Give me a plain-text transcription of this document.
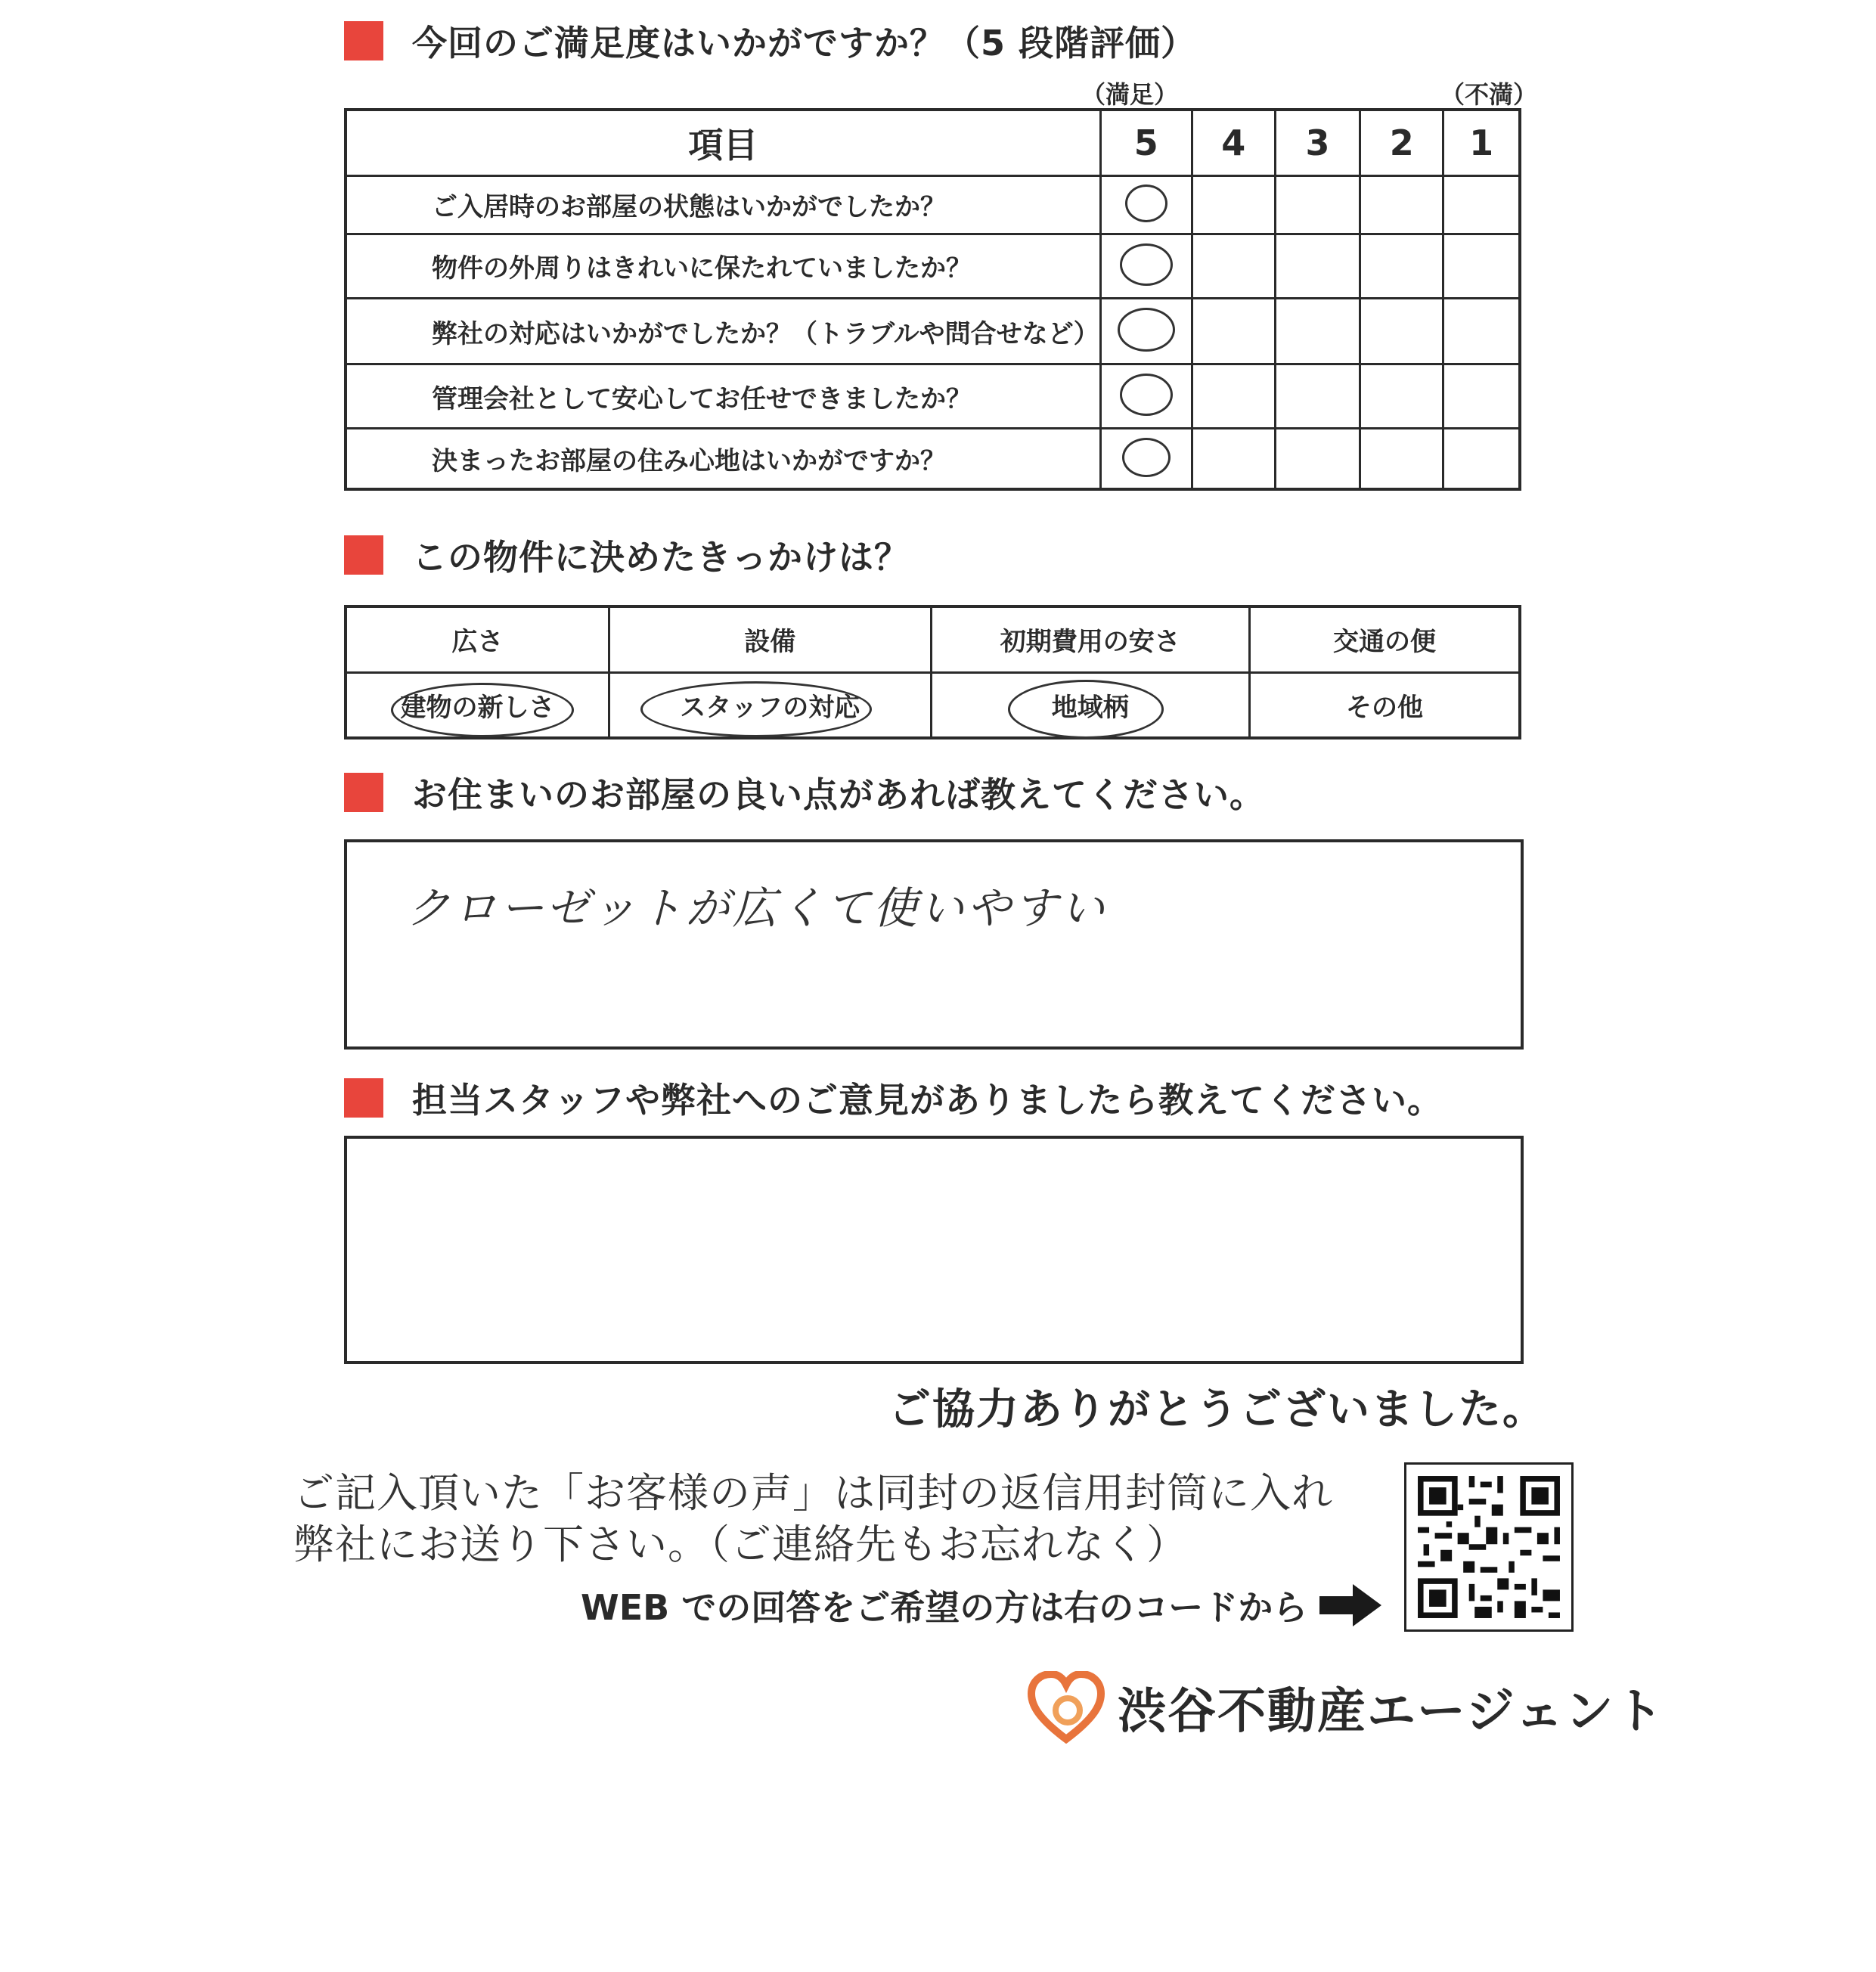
今回のご満足度はいかがですか？（5 段階評価）
（満足）	（不満）
項目	5	4	3	2	1
ご入居時のお部屋の状態はいかがでしたか？					
物件の外周りはきれいに保たれていましたか？					
弊社の対応はいかがでしたか？（トラブルや問合せなど）					
管理会社として安心してお任せできましたか？					
決まったお部屋の住み心地はいかがですか？					
この物件に決めたきっかけは？
広さ	設備	初期費用の安さ	交通の便
建物の新しさ	スタッフの対応	地域柄	その他
お住まいのお部屋の良い点があれば教えてください。
クローゼットが広くて使いやすい
担当スタッフや弊社へのご意見がありましたら教えてください。
ご協力ありがとうございました。
ご記入頂いた「お客様の声」は同封の返信用封筒に入れ
弊社にお送り下さい。（ご連絡先もお忘れなく）
WEB での回答をご希望の方は右のコードから
渋谷不動産エージェント
